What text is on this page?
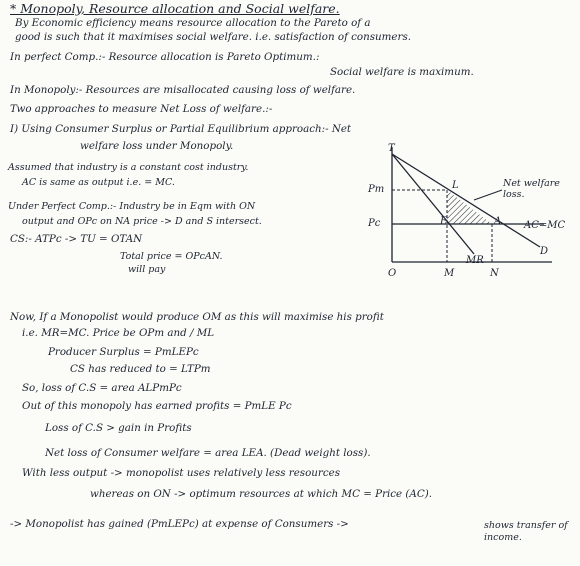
* Monopoly, Resource allocation and Social welfare.
By Economic efficiency means resource allocation to the Pareto of a
good is such that it maximises social welfare. i.e. satisfaction of consumers.
In perfect Comp.:- Resource allocation is Pareto Optimum.:
Social welfare is maximum.
In Monopoly:- Resources are misallocated causing loss of welfare.
Two approaches to measure Net Loss of welfare.:-
I) Using Consumer Surplus or Partial Equilibrium approach:- Net
welfare loss under Monopoly.
Assumed that industry is a constant cost industry.
AC is same as output i.e. = MC.
Under Perfect Comp.:- Industry be in Eqm with ON
output and OPc on NA price -> D and S intersect.
CS:- ATPc -> TU = OTAN
Total price = OPcAN.
will pay
T
Pm
Pc
L
E	A
D
MR
AC=MC
Net welfare loss.
O	M	N
Now, If a Monopolist would produce OM as this will maximise his profit
i.e. MR=MC. Price be OPm and / ML
Producer Surplus = PmLEPc
CS has reduced to = LTPm
So, loss of C.S = area ALPmPc
Out of this monopoly has earned profits = PmLE Pc
Loss of C.S > gain in Profits
Net loss of Consumer welfare = area LEA. (Dead weight loss).
With less output -> monopolist uses relatively less resources
whereas on ON -> optimum resources at which MC = Price (AC).
-> Monopolist has gained (PmLEPc) at expense of Consumers ->	shows transfer of income.
